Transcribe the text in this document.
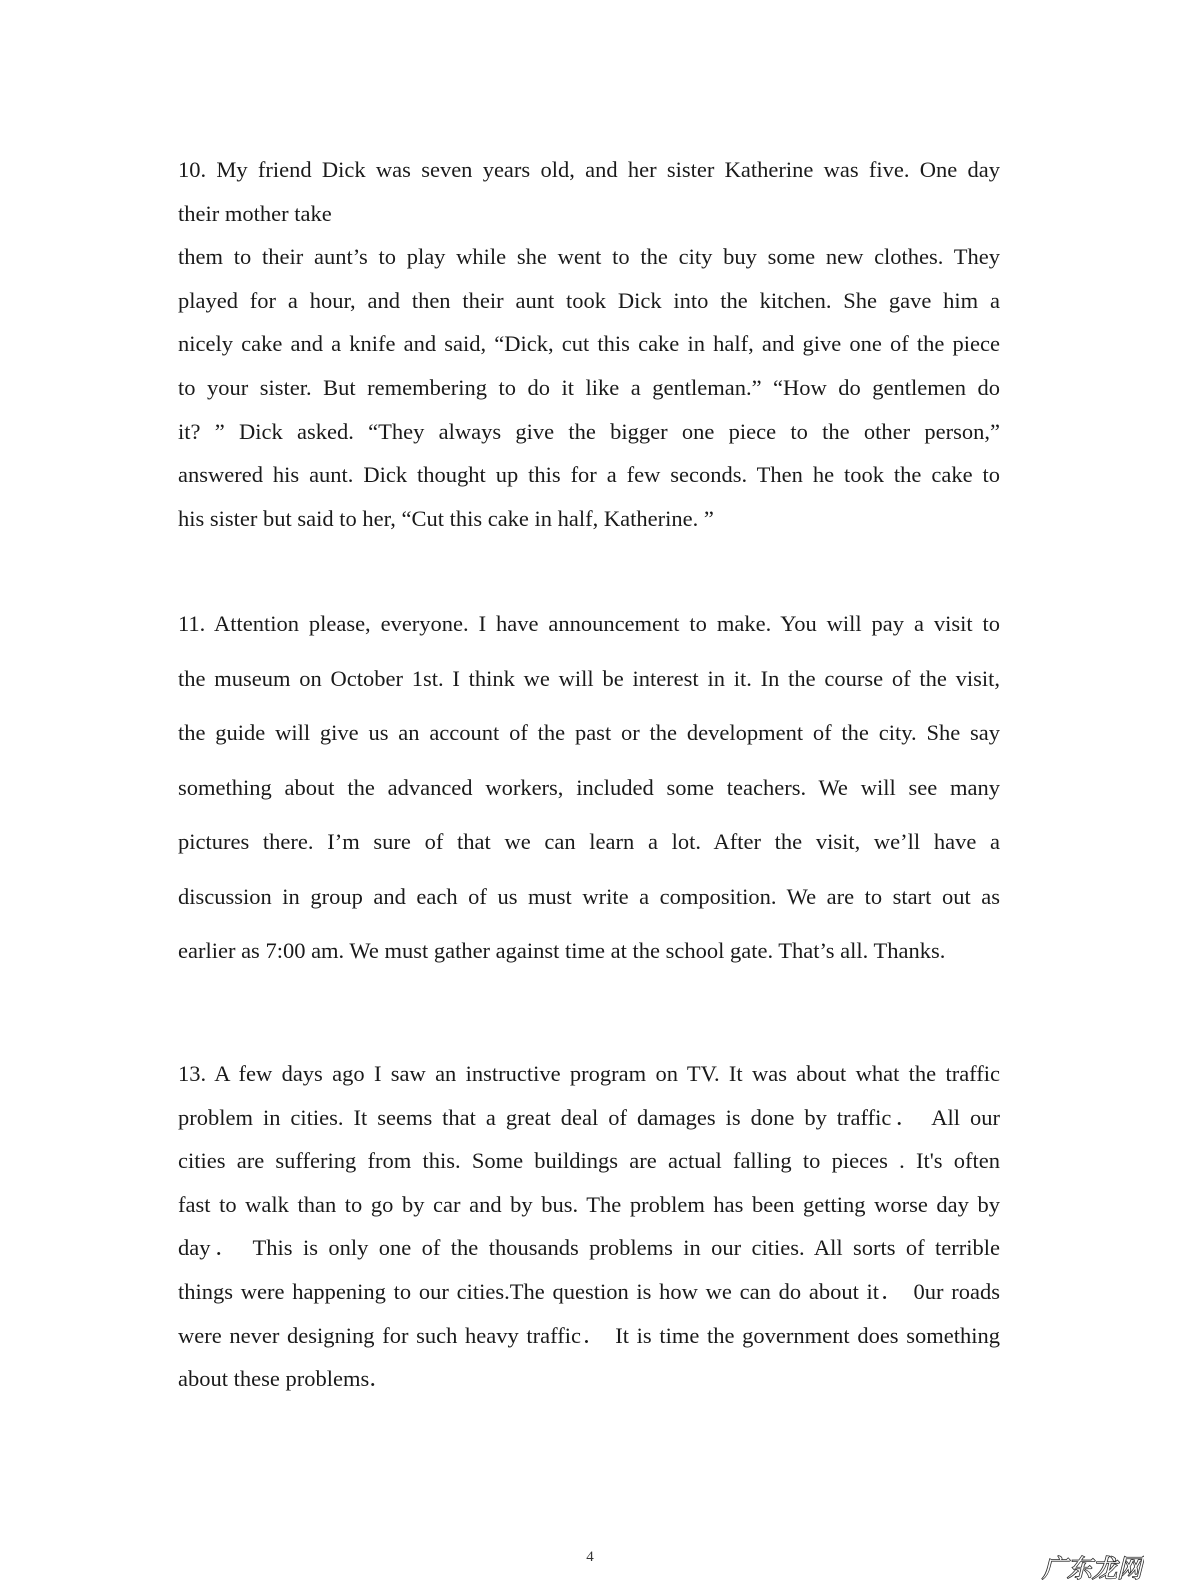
10. My friend Dick was seven years old, and her sister Katherine was five. One day

their mother take

them to their aunt’s to play while she went to the city buy some new clothes. They

played for a hour, and then their aunt took Dick into the kitchen. She gave him a

nicely cake and a knife and said, “Dick, cut this cake in half, and give one of the piece

to your sister. But remembering to do it like a gentleman.” “How do gentlemen do

it? ” Dick asked. “They always give the bigger one piece to the other person,”

answered his aunt. Dick thought up this for a few seconds. Then he took the cake to

his sister but said to her, “Cut this cake in half, Katherine. ”

11. Attention please, everyone. I have announcement to make. You will pay a visit to

the museum on October 1st. I think we will be interest in it. In the course of the visit,

the guide will give us an account of the past or the development of the city. She say

something about the advanced workers, included some teachers. We will see many

pictures there. I’m sure of that we can learn a lot. After the visit, we’ll have a

discussion in group and each of us must write a composition. We are to start out as

earlier as 7:00 am. We must gather against time at the school gate. That’s all. Thanks.

13. A few days ago I saw an instructive program on TV. It was about what the traffic

problem in cities. It seems that a great deal of damages is done by traffic． All our

cities are suffering from this. Some buildings are actual falling to pieces . It's often

fast to walk than to go by car and by bus. The problem has been getting worse day by

day． This is only one of the thousands problems in our cities. All sorts of terrible

things were happening to our cities.The question is how we can do about it． 0ur roads

were never designing for such heavy traffic． It is time the government does something

about these problems．

4	广东龙网
